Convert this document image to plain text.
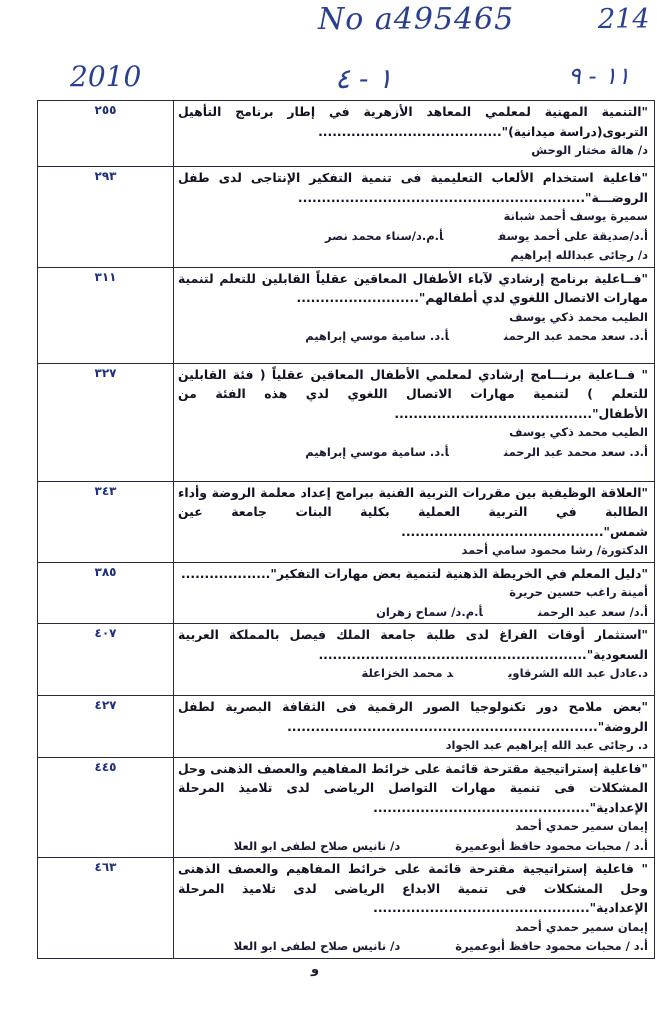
No a495465	214
2010	١ - ٤	١١ - ٩
"التنمية المهنية لمعلمي المعاهد الأزهرية في إطار برنامج التأهيل التربوى(دراسة ميدانية)".......................................
د/ هالة مختار الوحش	٢٥٥

"فاعلية استخدام الألعاب التعليمية فى تنمية التفكير الإنتاجى لدى طفل الروضـــة".............................................................
سميرة يوسف أحمد شبانة
أ.د/صديقة على أحمد يوسفأ.م.د/سناء محمد نصر
د/ رجائى عبدالله إبراهيم	٢٩٣

"فــاعلية برنامج إرشادي لآباء الأطفال المعاقين عقلياً القابلين للتعلم لتنمية مهارات الاتصال اللغوي لدي أطفالهم"..........................
الطيب محمد ذكي يوسف
أ.د. سعد محمد عبد الرحمنأ.د. سامية موسي إبراهيم	٣١١

" فــاعلية برنـــامج إرشادي لمعلمي الأطفال المعاقين عقلياً ( فئة القابلين للتعلم ) لتنمية مهارات الاتصال اللغوي لدي هذه الفئة من الأطفال"..........................................
الطيب محمد ذكي يوسف
أ.د. سعد محمد عبد الرحمنأ.د. سامية موسي إبراهيم	٣٢٧

"العلاقة الوظيفية بين مقررات التربية الفنية ببرامج إعداد معلمة الروضة وأداء الطالبة في التربية العملية بكلية البنات جامعة عين شمس"...........................................
الدكتورة/ رشا محمود سامي أحمد	٣٤٣

"دليل المعلم في الخريطة الذهنية لتنمية بعض مهارات التفكير"...................
أمينة راغب حسين حريرة
أ.د/ سعد عبد الرحمنأ.م.د/ سماح زهران	٣٨٥

"استثمار أوقات الفراغ لدى طلبة جامعة الملك فيصل بالمملكة العربية السعودية".........................................................
د.عادل عبد الله الشرقاويد محمد الخزاعلة	٤٠٧

"بعض ملامح دور تكنولوجيا الصور الرقمية فى الثقافة البصرية لطفل الروضة"..................................................................
د. رجائى عبد الله إبراهيم عبد الجواد	٤٢٧

"فاعلية إستراتيجية مقترحة قائمة على خرائط المفاهيم والعصف الذهنى وحل المشكلات فى تنمية مهارات التواصل الرياضى لدى تلاميذ المرحلة الإعدادية"..............................................
إيمان سمير حمدي أحمد
أ.د / محبات محمود حافظ أبوعميرةد/ نانيس صلاح لطفى ابو العلا	٤٤٥

" فاعلية إستراتيجية مقترحة قائمة على خرائط المفاهيم والعصف الذهنى وحل المشكلات فى تنمية الابداع الرياضى لدى تلاميذ المرحلة الإعدادية"..............................................
إيمان سمير حمدي أحمد
أ.د / محبات محمود حافظ أبوعميرةد/ نانيس صلاح لطفى ابو العلا	٤٦٣
و
